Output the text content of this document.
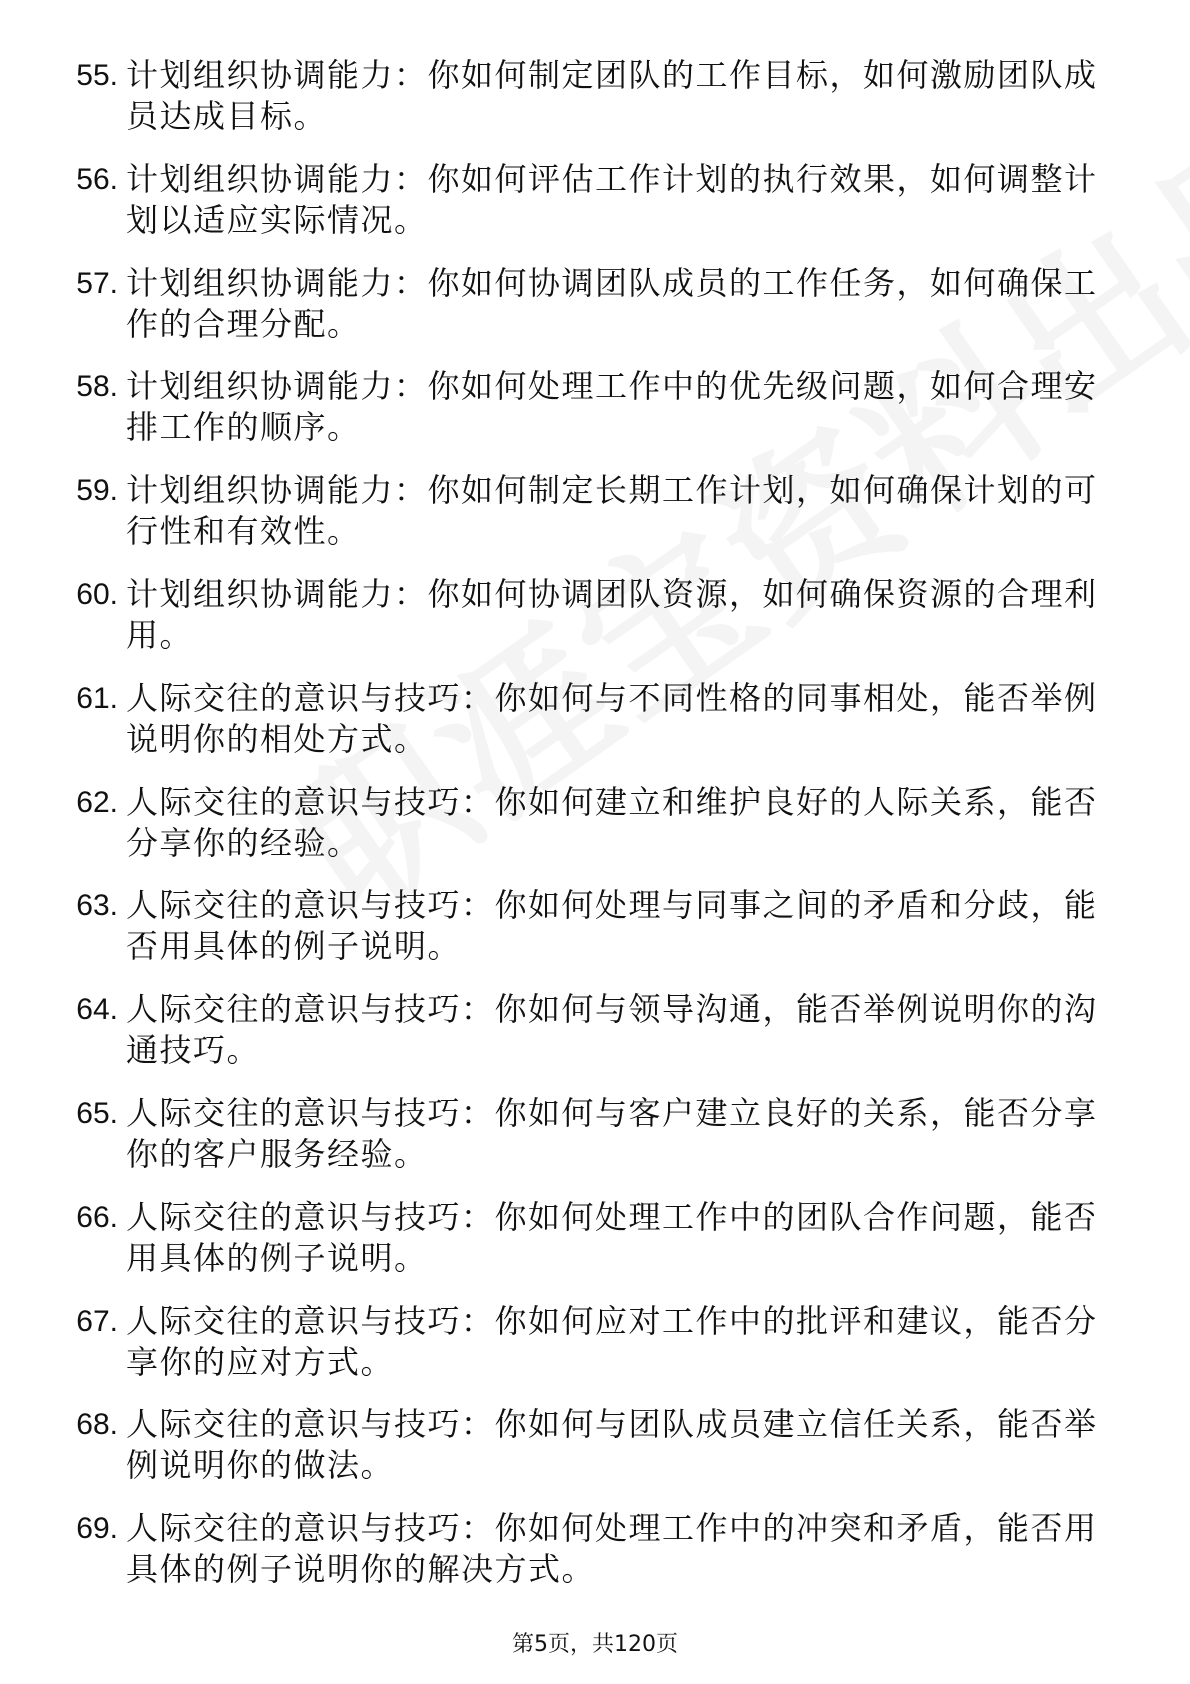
55. 计划组织协调能力：你如何制定团队的工作目标，如何激励团队成员达成目标。
56. 计划组织协调能力：你如何评估工作计划的执行效果，如何调整计划以适应实际情况。
57. 计划组织协调能力：你如何协调团队成员的工作任务，如何确保工作的合理分配。
58. 计划组织协调能力：你如何处理工作中的优先级问题，如何合理安排工作的顺序。
59. 计划组织协调能力：你如何制定长期工作计划，如何确保计划的可行性和有效性。
60. 计划组织协调能力：你如何协调团队资源，如何确保资源的合理利用。
61. 人际交往的意识与技巧：你如何与不同性格的同事相处，能否举例说明你的相处方式。
62. 人际交往的意识与技巧：你如何建立和维护良好的人际关系，能否分享你的经验。
63. 人际交往的意识与技巧：你如何处理与同事之间的矛盾和分歧，能否用具体的例子说明。
64. 人际交往的意识与技巧：你如何与领导沟通，能否举例说明你的沟通技巧。
65. 人际交往的意识与技巧：你如何与客户建立良好的关系，能否分享你的客户服务经验。
66. 人际交往的意识与技巧：你如何处理工作中的团队合作问题，能否用具体的例子说明。
67. 人际交往的意识与技巧：你如何应对工作中的批评和建议，能否分享你的应对方式。
68. 人际交往的意识与技巧：你如何与团队成员建立信任关系，能否举例说明你的做法。
69. 人际交往的意识与技巧：你如何处理工作中的冲突和矛盾，能否用具体的例子说明你的解决方式。
第5页，共120页
